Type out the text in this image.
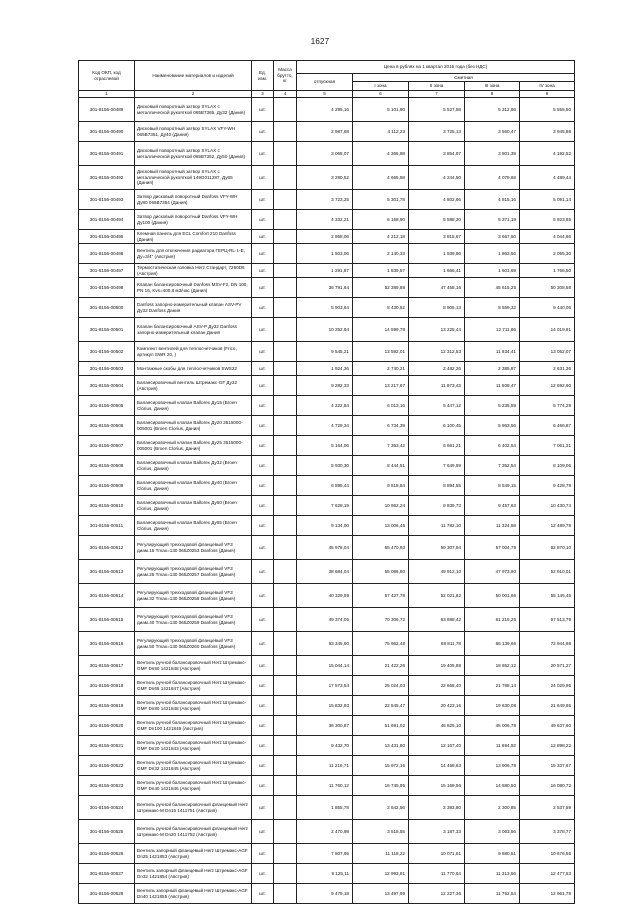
1627
Код ОКП, код отраслевой	Наименование материалов и изделий	Ед. изм.	Масса брутто, кг	Цена в рублях на 1 квартал 2016 года (без НДС)				
				отпускная	Сметная			
					I зона	II зона	III зона	IV зона
1	2	3	4	5	6	7	8	9
301-8156-00489	Дисковый поворотный затвор SYLAX с металлической рукояткой 065B7365, Ду32 (Дания)	шт.		4 295,16	5 101,90	5 527,58	5 312,86	5 555,50
301-8156-00490	Дисковый поворотный затвор SYLAX VFY-WH 065B7351, Ду40 (Дания)	шт.		2 987,68	4 112,23	3 725,13	3 560,47	3 945,88
301-8156-00491	Дисковый поворотный затвор SYLAX с металлической рукояткой 065B7352, Ду50 (Дания)	шт.		3 068,07	4 365,98	3 854,97	3 801,39	4 192,52
301-8156-00492	Дисковый поворотный затвор SYLAX с металлической рукояткой 149G011287, Ду65 (Дания)	шт.		3 280,52	4 665,58	4 244,50	4 079,68	4 489,44
301-8156-00493	Затвор дисковый поворотный Danfoss VFY-WH Ду80 065B7354 (Дания)	шт.		3 723,25	5 301,78	4 802,66	4 815,16	5 091,14
301-8156-00494	Затвор дисковый поворотный Danfoss VFY-WH Ду100 (Дания)	шт.		4 332,21	6 168,90	5 588,20	5 371,19	5 923,85
301-8156-00495	Клемная панель для ECL Comfort 210 Danfoss (Дания)	шт.		2 958,06	4 212,18	3 815,67	3 667,50	4 044,86
301-8156-00496	Вентиль для отключения радиатора ГЕРЦ-RL-1-Е, Ду=3/4" (Австрия)	шт.		1 503,06	2 140,33	1 938,86	1 863,56	2 055,30
301-8156-00497	Термостатическая головка Herz Стандарт, 7260D6 (Австрия)	шт.		1 291,87	1 839,57	1 666,41	1 601,69	1 766,50
301-8156-00498	Клапан балансировочный Danfoss MSV-F2, DN 100, PN 16, Kvs=400,8 м3/час (Дания)	шт.		36 791,64	52 389,88	47 458,16	45 615,25	50 308,58
301-8156-00500	Danfoss запорно-измерительный клапан ASV-PV Ду32 Danfoss Дания	шт.		5 903,64	8 430,52	8 905,13	8 559,32	9 440,06
301-8156-00501	Клапан балансировочный ASV-P Ду32 Danfoss запорно-измерительный клапан Дания	шт.		10 252,94	14 599,78	13 225,44	12 711,86	14 019,81
301-8156-00502	Комплект вентилей для теплосчетчиков (Frico, артикул SWR 20, )	шт.		9 545,21	13 592,01	12 312,53	11 834,41	13 052,07
301-8156-00503	Монтажные скобы для теплосчетчиков SWS22	шт.		1 924,36	2 740,21	2 482,26	2 385,87	2 631,36
301-8156-00504	Балансировочный вентиль Штремакс-GF Ду32 (Австрия)	шт.		9 282,33	13 217,67	11 973,43	11 508,47	12 692,60
301-8156-00505	Балансировочный клапан Ballorex Ду15 (Broen Clorius, Дания)	шт.		4 222,84	6 013,16	5 447,12	5 235,59	5 774,29
301-8156-00506	Балансировочный клапан Ballorex Ду20 3515000-005001 (Broen Clorius, Дания)	шт.		4 729,34	6 734,39	6 100,45	5 863,56	6 466,87
301-8156-00507	Балансировочный клапан Ballorex Ду25 3515000-005001 (Broen Clorius, Дания)	шт.		5 164,06	7 353,42	6 661,21	6 402,54	7 061,31
301-8156-00508	Балансировочный клапан Ballorex Ду32 (Broen Clorius, Дания)	шт.		5 930,30	8 444,51	7 649,59	7 352,54	8 109,06
301-8156-00509	Балансировочный клапан Ballorex Ду40 (Broen Clorius, Дания)	шт.		6 895,44	9 818,84	8 894,55	8 549,15	9 428,79
301-8156-00510	Балансировочный клапан Ballorex Ду50 (Broen Clorius, Дания)	шт.		7 628,19	10 862,24	9 839,73	9 457,63	10 430,74
301-8156-00511	Балансировочный клапан Ballorex Ду65 (Broen Clorius, Дания)	шт.		9 134,00	13 006,46	11 782,10	11 324,58	12 489,78
301-8156-00512	Регулирующий трехходовой фланцевый VF3 диам.15 Tmax=130 065Z0253 Danfoss (Дания)	шт.		45 978,04	65 470,93	59 307,94	57 004,79	62 870,10
301-8156-00513	Регулирующий трехходовой фланцевый VF3 диам.25 Tmax=130 065Z0257 Danfoss (Дания)	шт.		38 684,04	55 086,80	49 912,10	47 973,90	52 910,01
301-8156-00514	Регулирующий трехходовой фланцевый VF3 диам.32 Tmax=130 065Z0258 Danfoss (Дания)	шт.		40 329,59	57 427,78	52 021,82	50 001,66	55 145,45
301-8156-00515	Регулирующий трехходовой фланцевый VF3 диам.40 Tmax=130 065Z0259 Danfoss (Дания)	шт.		49 374,05	70 306,72	63 688,42	61 215,25	67 513,79
301-8156-00516	Регулирующий трехходовой фланцевый VF3 диам.50 Tmax=130 065Z0260 Danfoss (Дания)	шт.		53 345,90	75 962,48	68 811,78	66 139,66	72 944,88
301-8156-00517	Вентиль ручной балансировочный Herz Штремакс-GMF Dn50 1421848 (Австрия)	шт.		15 044,14	21 422,26	19 405,88	18 652,12	20 571,27
301-8156-00518	Вентиль ручной балансировочный Herz Штремакс-GMF Dn65 1421847 (Австрия)	шт.		17 573,54	25 024,03	22 668,40	21 788,14	24 029,95
301-8156-00519	Вентиль ручной балансировочный Herz Штремакс-GMF Dn80 1421848 (Австрия)	шт.		15 832,93	22 545,47	20 423,16	19 630,08	21 649,86
301-8156-00520	Вентиль ручной балансировочный Herz Штремакс-GMF Dn100 1421849 (Австрия)	шт.		36 300,87	51 691,02	46 825,10	45 006,78	49 637,60
301-8156-00521	Вентиль ручной балансировочный Herz Штремакс-GMF Dn20 1421843 (Австрия)	шт.		9 432,70	13 431,80	12 167,40	11 694,92	12 898,22
301-8156-00522	Вентиль ручной балансировочный Herz Штремакс-GMF Dn32 1421845 (Австрия)	шт.		11 216,71	15 972,16	14 468,63	13 906,78	15 337,67
301-8156-00523	Вентиль ручной балансировочный Herz Штремакс-GMF Dn40 1421846 (Австрия)	шт.		11 760,12	16 745,95	15 169,56	14 580,50	16 080,72
301-8156-00524	Вентиль ручной балансировочный фланцевый Herz Штремакс-M Dn15 1411751 (Австрия)	шт.		1 855,78	2 642,56	2 393,80	2 300,85	2 537,59
301-8156-00525	Вентиль ручной балансировочный фланцевый Herz Штремакс-M Dn20 1411752 (Австрия)	шт.		2 470,98	3 518,55	3 187,33	3 063,56	3 378,77
301-8156-00526	Вентиль запорный фланцевый Herz Штремакс-AGF Dn25 1421853 (Австрия)	шт.		7 807,95	11 118,22	10 071,61	9 680,51	10 676,56
301-8156-00527	Вентиль запорный фланцевый Herz Штремакс-AGF Dn32 1421854 (Австрия)	шт.		9 125,11	12 993,81	11 770,64	11 313,56	12 477,53
301-8156-00528	Вентиль запорный фланцевый Herz Штремакс-AGF Dn40 1421855 (Австрия)	шт.		9 479,18	13 497,99	12 227,36	11 752,54	12 961,78
